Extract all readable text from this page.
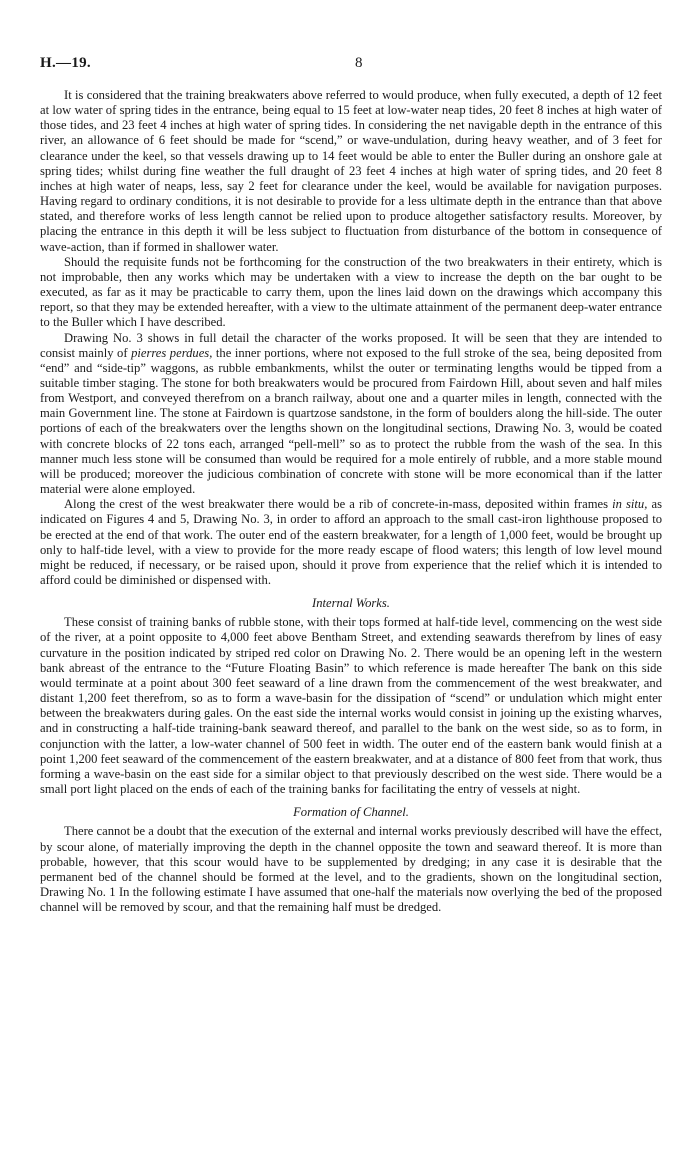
H.—19.	8

It is considered that the training breakwaters above referred to would produce, when fully executed, a depth of 12 feet at low water of spring tides in the entrance, being equal to 15 feet at low-water neap tides, 20 feet 8 inches at high water of those tides, and 23 feet 4 inches at high water of spring tides. In considering the net navigable depth in the entrance of this river, an allowance of 6 feet should be made for “scend,” or wave-undulation, during heavy weather, and of 3 feet for clearance under the keel, so that vessels drawing up to 14 feet would be able to enter the Buller during an onshore gale at spring tides; whilst during fine weather the full draught of 23 feet 4 inches at high water of spring tides, and 20 feet 8 inches at high water of neaps, less, say 2 feet for clearance under the keel, would be available for navigation purposes. Having regard to ordinary conditions, it is not desirable to provide for a less ultimate depth in the entrance than that above stated, and therefore works of less length cannot be relied upon to produce altogether satisfactory results. Moreover, by placing the entrance in this depth it will be less subject to fluctuation from disturbance of the bottom in consequence of wave-action, than if formed in shallower water.

Should the requisite funds not be forthcoming for the construction of the two breakwaters in their entirety, which is not improbable, then any works which may be undertaken with a view to increase the depth on the bar ought to be executed, as far as it may be practicable to carry them, upon the lines laid down on the drawings which accompany this report, so that they may be extended hereafter, with a view to the ultimate attainment of the permanent deep-water entrance to the Buller which I have described.

Drawing No. 3 shows in full detail the character of the works proposed. It will be seen that they are intended to consist mainly of pierres perdues, the inner portions, where not exposed to the full stroke of the sea, being deposited from “end” and “side-tip” waggons, as rubble embankments, whilst the outer or terminating lengths would be tipped from a suitable timber staging. The stone for both breakwaters would be procured from Fairdown Hill, about seven and half miles from Westport, and conveyed therefrom on a branch railway, about one and a quarter miles in length, connected with the main Government line. The stone at Fairdown is quartzose sandstone, in the form of boulders along the hill-side. The outer portions of each of the breakwaters over the lengths shown on the longitudinal sections, Drawing No. 3, would be coated with concrete blocks of 22 tons each, arranged “pell-mell” so as to protect the rubble from the wash of the sea. In this manner much less stone will be consumed than would be required for a mole entirely of rubble, and a more stable mound will be produced; moreover the judicious combination of concrete with stone will be more economical than if the latter material were alone employed.

Along the crest of the west breakwater there would be a rib of concrete-in-mass, deposited within frames in situ, as indicated on Figures 4 and 5, Drawing No. 3, in order to afford an approach to the small cast-iron lighthouse proposed to be erected at the end of that work. The outer end of the eastern breakwater, for a length of 1,000 feet, would be brought up only to half-tide level, with a view to provide for the more ready escape of flood waters; this length of low level mound might be reduced, if necessary, or be raised upon, should it prove from experience that the relief which it is intended to afford could be diminished or dispensed with.

Internal Works.

These consist of training banks of rubble stone, with their tops formed at half-tide level, commencing on the west side of the river, at a point opposite to 4,000 feet above Bentham Street, and extending seawards therefrom by lines of easy curvature in the position indicated by striped red color on Drawing No. 2. There would be an opening left in the western bank abreast of the entrance to the “Future Floating Basin” to which reference is made hereafter The bank on this side would terminate at a point about 300 feet seaward of a line drawn from the commencement of the west breakwater, and distant 1,200 feet therefrom, so as to form a wave-basin for the dissipation of “scend” or undulation which might enter between the breakwaters during gales. On the east side the internal works would consist in joining up the existing wharves, and in constructing a half-tide training-bank seaward thereof, and parallel to the bank on the west side, so as to form, in conjunction with the latter, a low-water channel of 500 feet in width. The outer end of the eastern bank would finish at a point 1,200 feet seaward of the commencement of the eastern breakwater, and at a distance of 800 feet from that work, thus forming a wave-basin on the east side for a similar object to that previously described on the west side. There would be a small port light placed on the ends of each of the training banks for facilitating the entry of vessels at night.

Formation of Channel.

There cannot be a doubt that the execution of the external and internal works previously described will have the effect, by scour alone, of materially improving the depth in the channel opposite the town and seaward thereof. It is more than probable, however, that this scour would have to be supplemented by dredging; in any case it is desirable that the permanent bed of the channel should be formed at the level, and to the gradients, shown on the longitudinal section, Drawing No. 1 In the following estimate I have assumed that one-half the materials now overlying the bed of the proposed channel will be removed by scour, and that the remaining half must be dredged.
